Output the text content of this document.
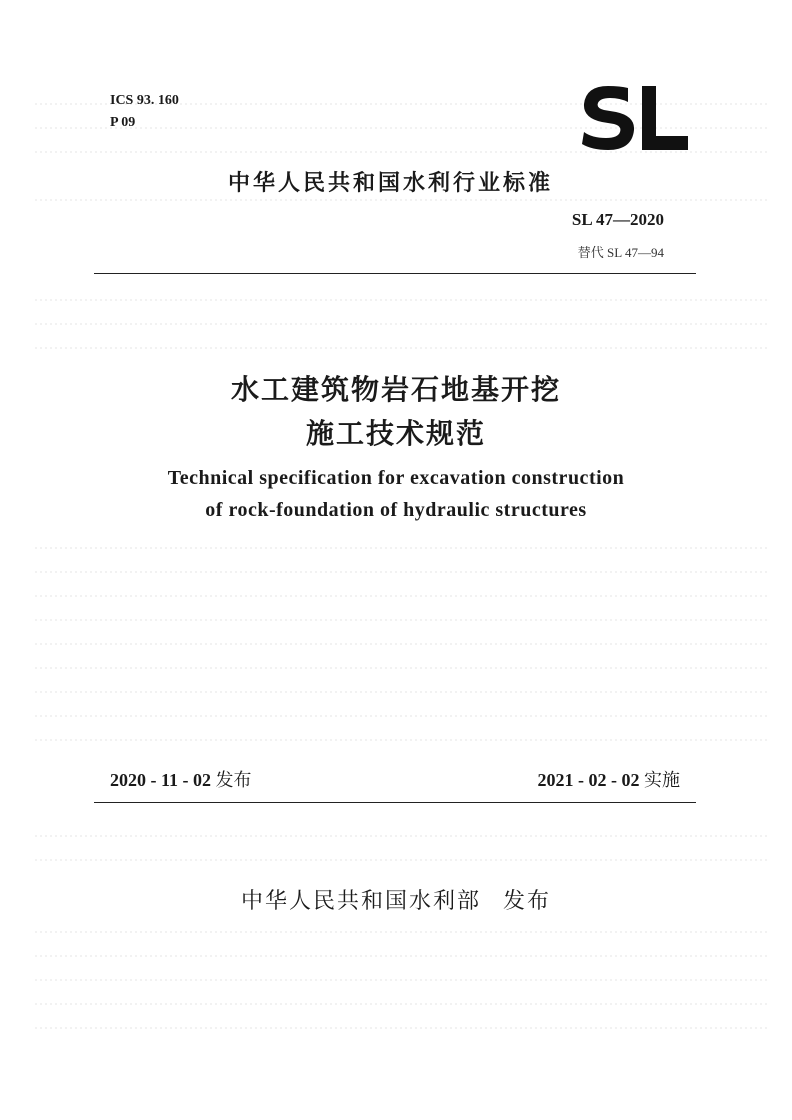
ICS 93. 160
P 09
中华人民共和国水利行业标准
SL 47—2020
替代 SL 47—94
水工建筑物岩石地基开挖
施工技术规范
Technical specification for excavation construction
of rock-foundation of hydraulic structures
2020 - 11 - 02 发布	2021 - 02 - 02 实施
中华人民共和国水利部 发布
